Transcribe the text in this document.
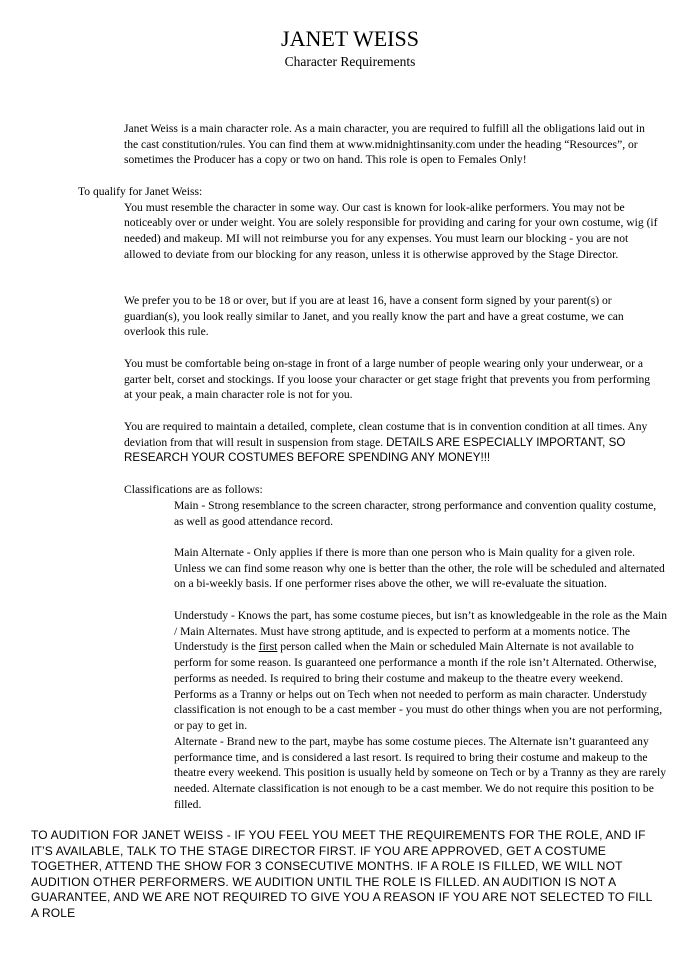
JANET WEISS
Character Requirements

Janet Weiss is a main character role. As a main character, you are required to fulfill all the obligations laid out in the cast constitution/rules. You can find them at www.midnightinsanity.com under the heading “Resources”, or sometimes the Producer has a copy or two on hand. This role is open to Females Only!

To qualify for Janet Weiss:

You must resemble the character in some way. Our cast is known for look-alike performers. You may not be noticeably over or under weight. You are solely responsible for providing and caring for your own costume, wig (if needed) and makeup. MI will not reimburse you for any expenses. You must learn our blocking - you are not allowed to deviate from our blocking for any reason, unless it is otherwise approved by the Stage Director.

We prefer you to be 18 or over, but if you are at least 16, have a consent form signed by your parent(s) or guardian(s), you look really similar to Janet, and you really know the part and have a great costume, we can overlook this rule.

You must be comfortable being on-stage in front of a large number of people wearing only your underwear, or a garter belt, corset and stockings. If you loose your character or get stage fright that prevents you from performing at your peak, a main character role is not for you.

You are required to maintain a detailed, complete, clean costume that is in convention condition at all times. Any deviation from that will result in suspension from stage. DETAILS ARE ESPECIALLY IMPORTANT, SO RESEARCH YOUR COSTUMES BEFORE SPENDING ANY MONEY!!!

Classifications are as follows:

Main - Strong resemblance to the screen character, strong performance and convention quality costume, as well as good attendance record.

Main Alternate - Only applies if there is more than one person who is Main quality for a given role. Unless we can find some reason why one is better than the other, the role will be scheduled and alternated on a bi-weekly basis. If one performer rises above the other, we will re-evaluate the situation.

Understudy - Knows the part, has some costume pieces, but isn’t as knowledgeable in the role as the Main / Main Alternates. Must have strong aptitude, and is expected to perform at a moments notice. The Understudy is the first person called when the Main or scheduled Main Alternate is not available to perform for some reason. Is guaranteed one performance a month if the role isn’t Alternated. Otherwise, performs as needed. Is required to bring their costume and makeup to the theatre every weekend. Performs as a Tranny or helps out on Tech when not needed to perform as main character. Understudy classification is not enough to be a cast member - you must do other things when you are not performing, or pay to get in.

Alternate - Brand new to the part, maybe has some costume pieces. The Alternate isn’t guaranteed any performance time, and is considered a last resort. Is required to bring their costume and makeup to the theatre every weekend. This position is usually held by someone on Tech or by a Tranny as they are rarely needed. Alternate classification is not enough to be a cast member. We do not require this position to be filled.

TO AUDITION FOR JANET WEISS - IF YOU FEEL YOU MEET THE REQUIREMENTS FOR THE ROLE, AND IF IT’S AVAILABLE, TALK TO THE STAGE DIRECTOR FIRST. IF YOU ARE APPROVED, GET A COSTUME TOGETHER, ATTEND THE SHOW FOR 3 CONSECUTIVE MONTHS. IF A ROLE IS FILLED, WE WILL NOT AUDITION OTHER PERFORMERS. WE AUDITION UNTIL THE ROLE IS FILLED. AN AUDITION IS NOT A GUARANTEE, AND WE ARE NOT REQUIRED TO GIVE YOU A REASON IF YOU ARE NOT SELECTED TO FILL A ROLE
